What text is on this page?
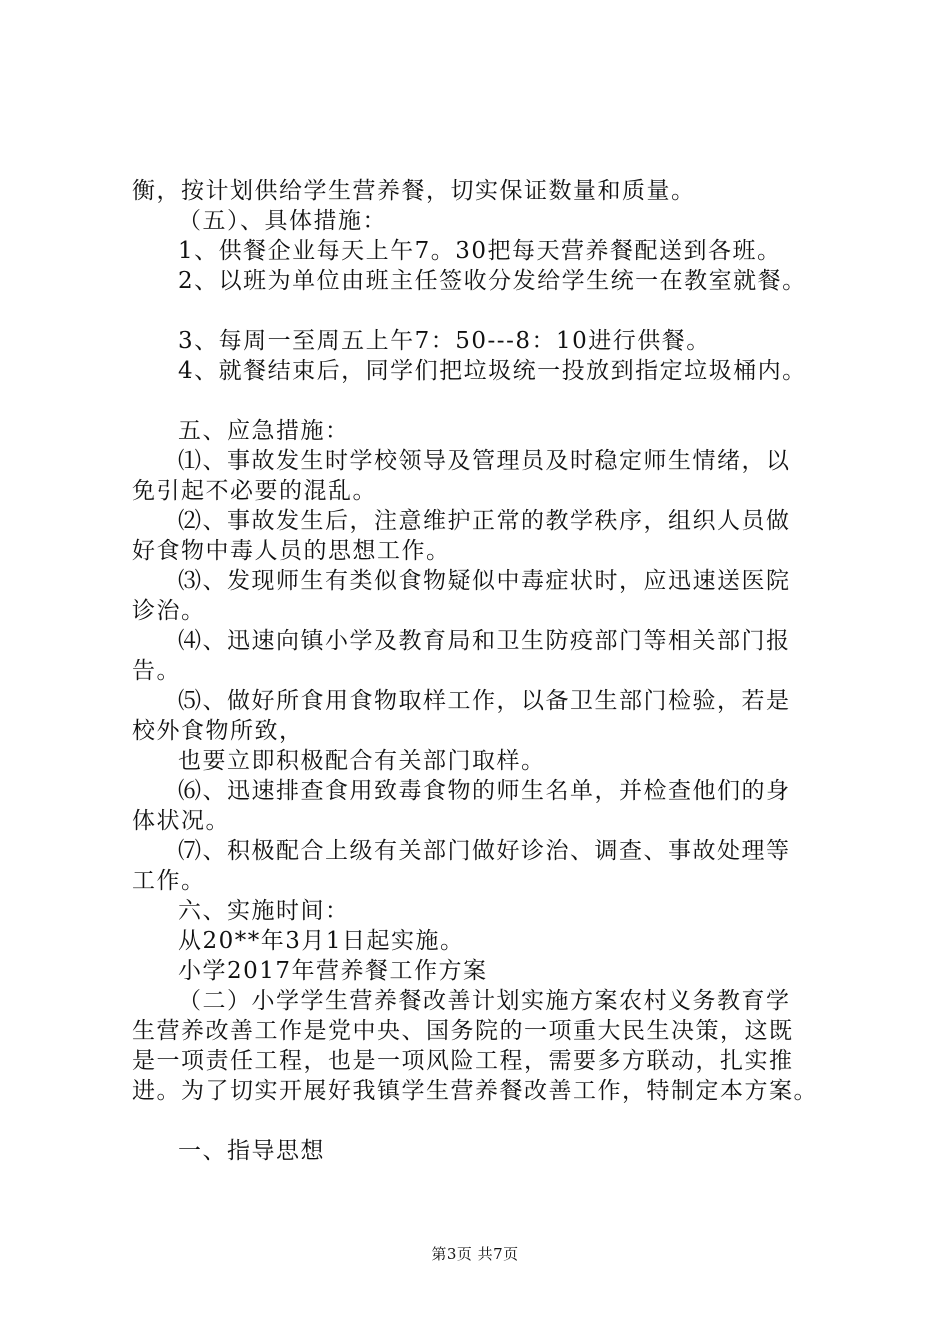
衡，按计划供给学生营养餐，切实保证数量和质量。
（五）、具体措施：
1、供餐企业每天上午7。30把每天营养餐配送到各班。
2、以班为单位由班主任签收分发给学生统一在教室就餐。
3、每周一至周五上午7：50---8：10进行供餐。
4、就餐结束后，同学们把垃圾统一投放到指定垃圾桶内。
五、应急措施：
⑴、事故发生时学校领导及管理员及时稳定师生情绪，以
免引起不必要的混乱。
⑵、事故发生后，注意维护正常的教学秩序，组织人员做
好食物中毒人员的思想工作。
⑶、发现师生有类似食物疑似中毒症状时，应迅速送医院
诊治。
⑷、迅速向镇小学及教育局和卫生防疫部门等相关部门报
告。
⑸、做好所食用食物取样工作，以备卫生部门检验，若是
校外食物所致，
也要立即积极配合有关部门取样。
⑹、迅速排查食用致毒食物的师生名单，并检查他们的身
体状况。
⑺、积极配合上级有关部门做好诊治、调查、事故处理等
工作。
六、实施时间：
从20**年3月1日起实施。
小学2017年营养餐工作方案
（二）小学学生营养餐改善计划实施方案农村义务教育学
生营养改善工作是党中央、国务院的一项重大民生决策，这既
是一项责任工程，也是一项风险工程，需要多方联动，扎实推
进。为了切实开展好我镇学生营养餐改善工作，特制定本方案。
一、指导思想
第3页 共7页
